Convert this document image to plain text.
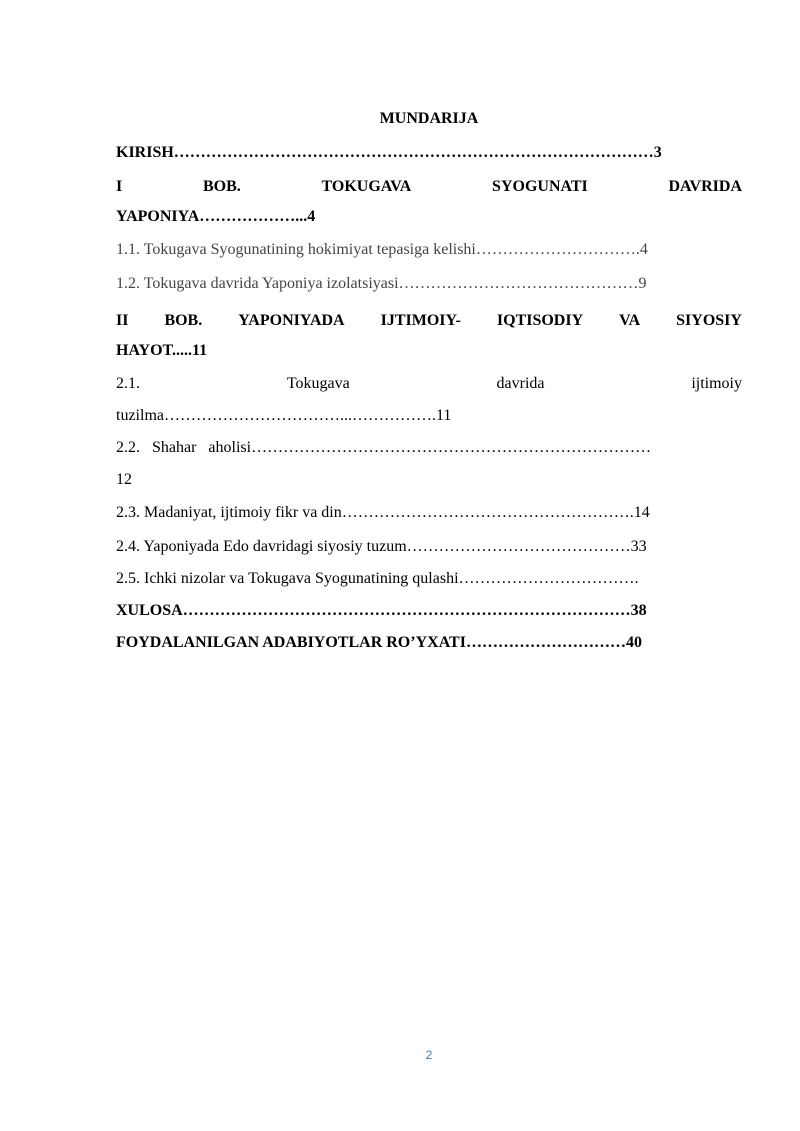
MUNDARIJA
KIRISH………………………………………………………………………………3
I	BOB.	TOKUGAVA	SYOGUNATI	DAVRIDA
YAPONIYA………………...4
1.1. Tokugava Syogunatining hokimiyat tepasiga kelishi………………………….4
1.2. Tokugava davrida Yaponiya izolatsiyasi………………………………………9
II BOB. YAPONIYADA IJTIMOIY- IQTISODIY VA SIYOSIY
HAYOT.....11
2.1.	Tokugava	davrida	ijtimoiy
tuzilma……………………………...…………….11
2.2.   Shahar   aholisi…………………………………………………………………
12
2.3. Madaniyat, ijtimoiy fikr va din……………………………………………….14
2.4. Yaponiyada Edo davridagi siyosiy tuzum……………………………………33
2.5. Ichki nizolar va Tokugava Syogunatining qulashi…………………………….
XULOSA…………………………………………………………………………38
FOYDALANILGAN ADABIYOTLAR RO’YXATI…………………………40
2
